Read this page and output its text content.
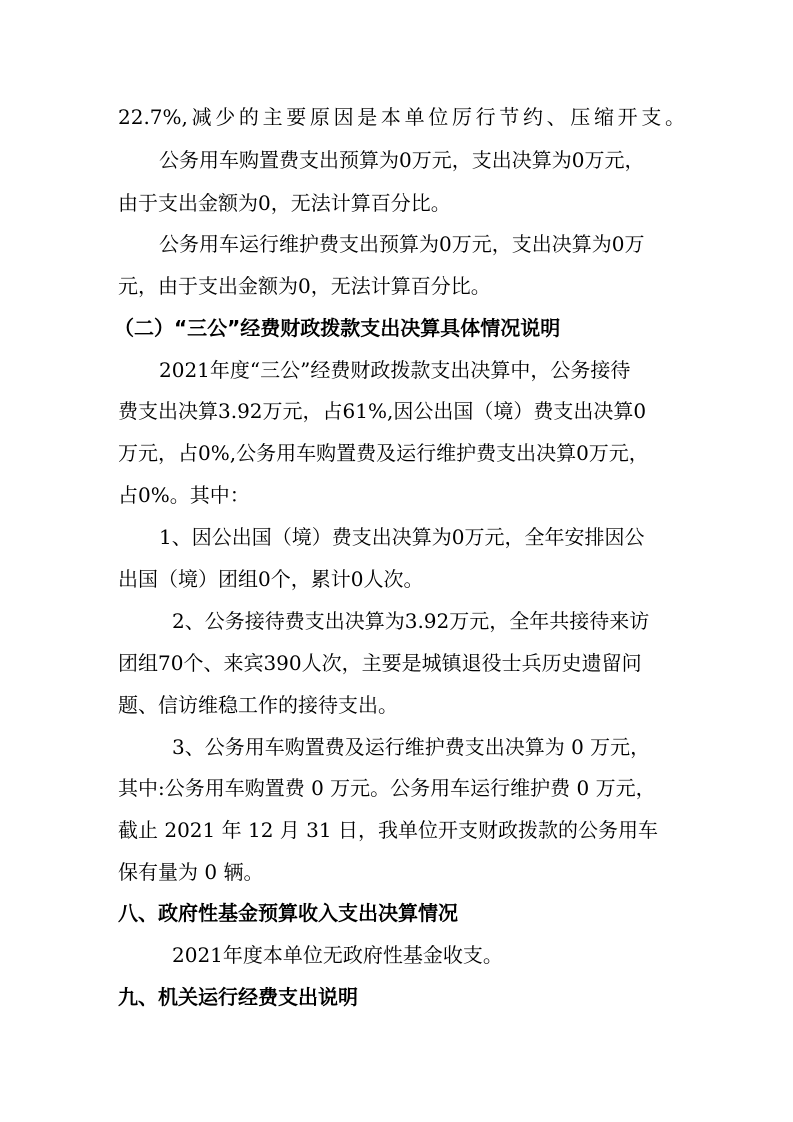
22.7%,减少的主要原因是本单位厉行节约、压缩开支。
公务用车购置费支出预算为0万元，支出决算为0万元，
由于支出金额为0，无法计算百分比。
公务用车运行维护费支出预算为0万元，支出决算为0万
元，由于支出金额为0，无法计算百分比。
（二）“三公”经费财政拨款支出决算具体情况说明
2021年度“三公”经费财政拨款支出决算中，公务接待
费支出决算3.92万元，占61%,因公出国（境）费支出决算0
万元，占0%,公务用车购置费及运行维护费支出决算0万元，
占0%。其中：
1、因公出国（境）费支出决算为0万元，全年安排因公
出国（境）团组0个，累计0人次。
2、公务接待费支出决算为3.92万元，全年共接待来访
团组70个、来宾390人次，主要是城镇退役士兵历史遗留问
题、信访维稳工作的接待支出。
3、公务用车购置费及运行维护费支出决算为 0 万元，
其中:公务用车购置费 0 万元。公务用车运行维护费 0 万元，
截止 2021 年 12 月 31 日，我单位开支财政拨款的公务用车
保有量为 0 辆。
八、政府性基金预算收入支出决算情况
2021年度本单位无政府性基金收支。
九、机关运行经费支出说明
